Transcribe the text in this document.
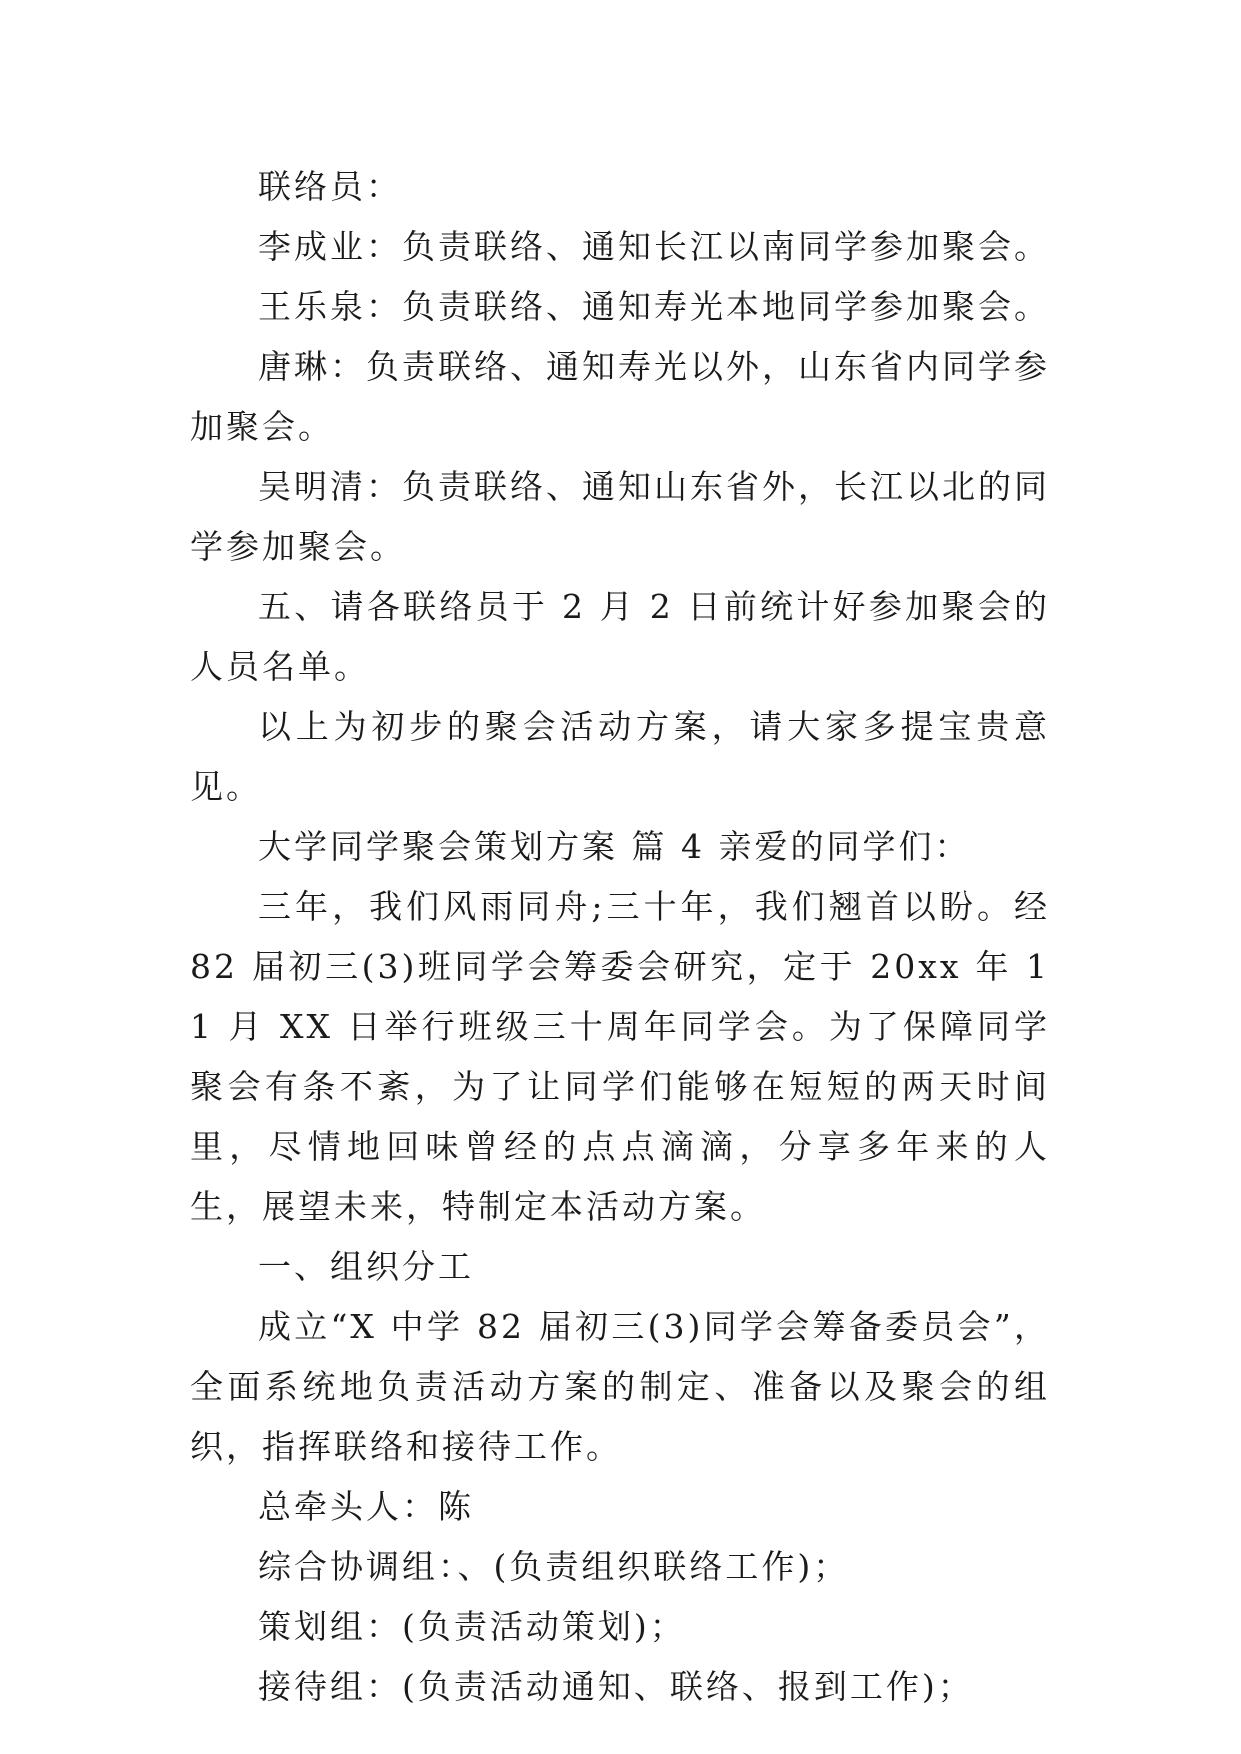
联络员：

李成业：负责联络、通知长江以南同学参加聚会。

王乐泉：负责联络、通知寿光本地同学参加聚会。

唐琳：负责联络、通知寿光以外，山东省内同学参加聚会。

吴明清：负责联络、通知山东省外，长江以北的同学参加聚会。

五、请各联络员于 2 月 2 日前统计好参加聚会的人员名单。

以上为初步的聚会活动方案，请大家多提宝贵意见。

大学同学聚会策划方案 篇 4 亲爱的同学们：

三年，我们风雨同舟;三十年，我们翘首以盼。经 82 届初三(3)班同学会筹委会研究，定于 20xx 年 11 月 XX 日举行班级三十周年同学会。为了保障同学聚会有条不紊，为了让同学们能够在短短的两天时间里，尽情地回味曾经的点点滴滴，分享多年来的人生，展望未来，特制定本活动方案。

一、组织分工

成立“X 中学 82 届初三(3)同学会筹备委员会”，全面系统地负责活动方案的制定、准备以及聚会的组织，指挥联络和接待工作。

总牵头人：陈

综合协调组：、(负责组织联络工作)；

策划组：(负责活动策划)；

接待组：(负责活动通知、联络、报到工作)；
